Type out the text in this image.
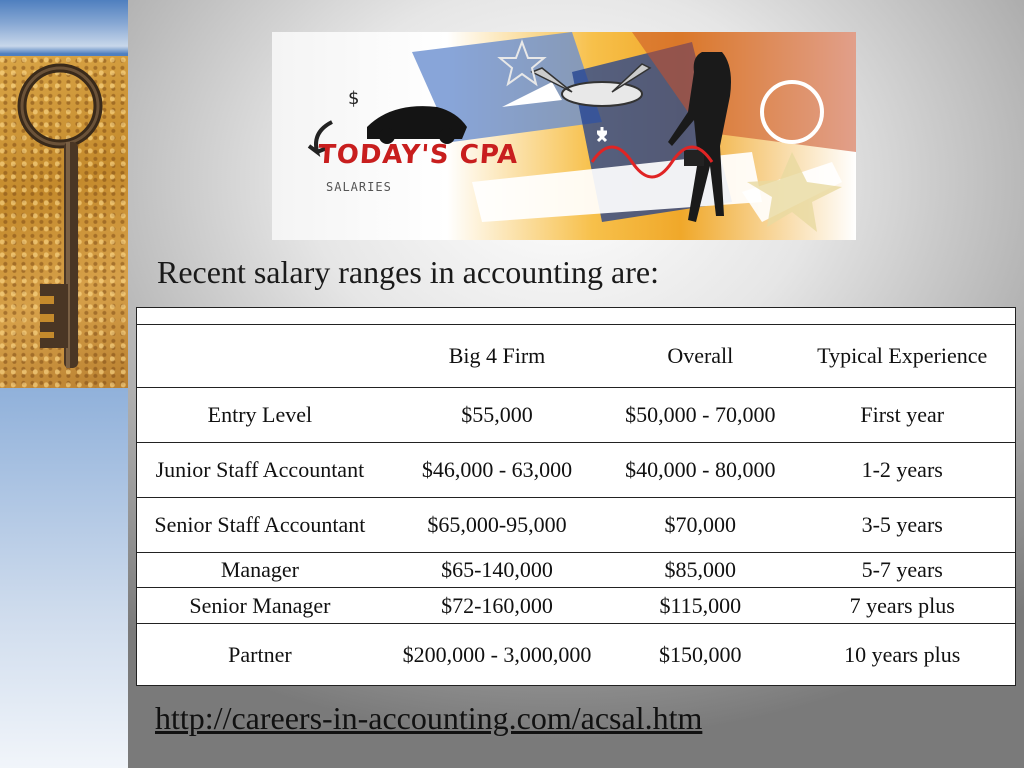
TODAY'S CPA
SALARIES
$
Recent salary ranges in accounting are:

	Big 4 Firm	Overall	Typical Experience
Entry Level	$55,000	$50,000 - 70,000	First year
Junior Staff Accountant	$46,000 - 63,000	$40,000 - 80,000	1-2 years
Senior Staff Accountant	$65,000-95,000	$70,000	3-5 years
Manager	$65-140,000	$85,000	5-7 years
Senior Manager	$72-160,000	$115,000	7 years plus
Partner	$200,000 - 3,000,000	$150,000	10 years plus
http://careers-in-accounting.com/acsal.htm
